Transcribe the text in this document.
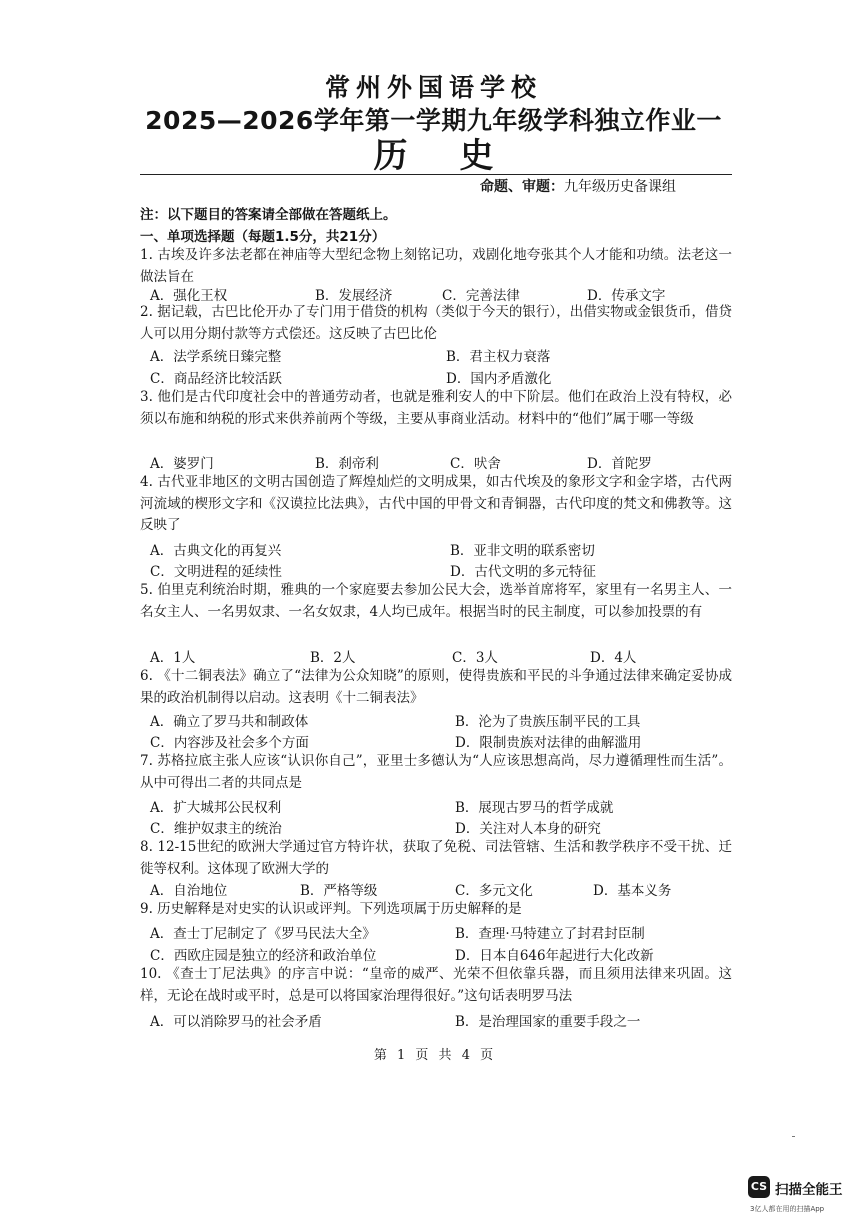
常州外国语学校
2025—2026学年第一学期九年级学科独立作业一
历史
命题、审题：九年级历史备课组
注：以下题目的答案请全部做在答题纸上。
一、单项选择题（每题1.5分，共21分）
1. 古埃及许多法老都在神庙等大型纪念物上刻铭记功，戏剧化地夸张其个人才能和功绩。法老这一做法旨在
A．强化王权	B．发展经济	C．完善法律	D．传承文字
2. 据记载，古巴比伦开办了专门用于借贷的机构（类似于今天的银行），出借实物或金银货币，借贷人可以用分期付款等方式偿还。这反映了古巴比伦
A．法学系统日臻完整	B．君主权力衰落
C．商品经济比较活跃	D．国内矛盾激化
3. 他们是古代印度社会中的普通劳动者，也就是雅利安人的中下阶层。他们在政治上没有特权，必须以布施和纳税的形式来供养前两个等级，主要从事商业活动。材料中的“他们”属于哪一等级
A．婆罗门	B．刹帝利	C．吠舍	D．首陀罗
4. 古代亚非地区的文明古国创造了辉煌灿烂的文明成果，如古代埃及的象形文字和金字塔，古代两河流域的楔形文字和《汉谟拉比法典》，古代中国的甲骨文和青铜器，古代印度的梵文和佛教等。这反映了
A．古典文化的再复兴	B．亚非文明的联系密切
C．文明进程的延续性	D．古代文明的多元特征
5. 伯里克利统治时期，雅典的一个家庭要去参加公民大会，选举首席将军，家里有一名男主人、一名女主人、一名男奴隶、一名女奴隶，4人均已成年。根据当时的民主制度，可以参加投票的有
A．1人	B．2人	C．3人	D．4人
6. 《十二铜表法》确立了“法律为公众知晓”的原则，使得贵族和平民的斗争通过法律来确定妥协成果的政治机制得以启动。这表明《十二铜表法》
A．确立了罗马共和制政体	B．沦为了贵族压制平民的工具
C．内容涉及社会多个方面	D．限制贵族对法律的曲解滥用
7. 苏格拉底主张人应该“认识你自己”，亚里士多德认为“人应该思想高尚，尽力遵循理性而生活”。从中可得出二者的共同点是
A．扩大城邦公民权利	B．展现古罗马的哲学成就
C．维护奴隶主的统治	D．关注对人本身的研究
8. 12-15世纪的欧洲大学通过官方特许状，获取了免税、司法管辖、生活和教学秩序不受干扰、迁徙等权利。这体现了欧洲大学的
A．自治地位	B．严格等级	C．多元文化	D．基本义务
9. 历史解释是对史实的认识或评判。下列选项属于历史解释的是
A．查士丁尼制定了《罗马民法大全》	B．查理·马特建立了封君封臣制
C．西欧庄园是独立的经济和政治单位	D．日本自646年起进行大化改新
10. 《查士丁尼法典》的序言中说：“皇帝的威严、光荣不但依靠兵器，而且须用法律来巩固。这样，无论在战时或平时，总是可以将国家治理得很好。”这句话表明罗马法
A．可以消除罗马的社会矛盾	B．是治理国家的重要手段之一
第 1 页 共 4 页
CS 扫描全能王
3亿人都在用的扫描App
